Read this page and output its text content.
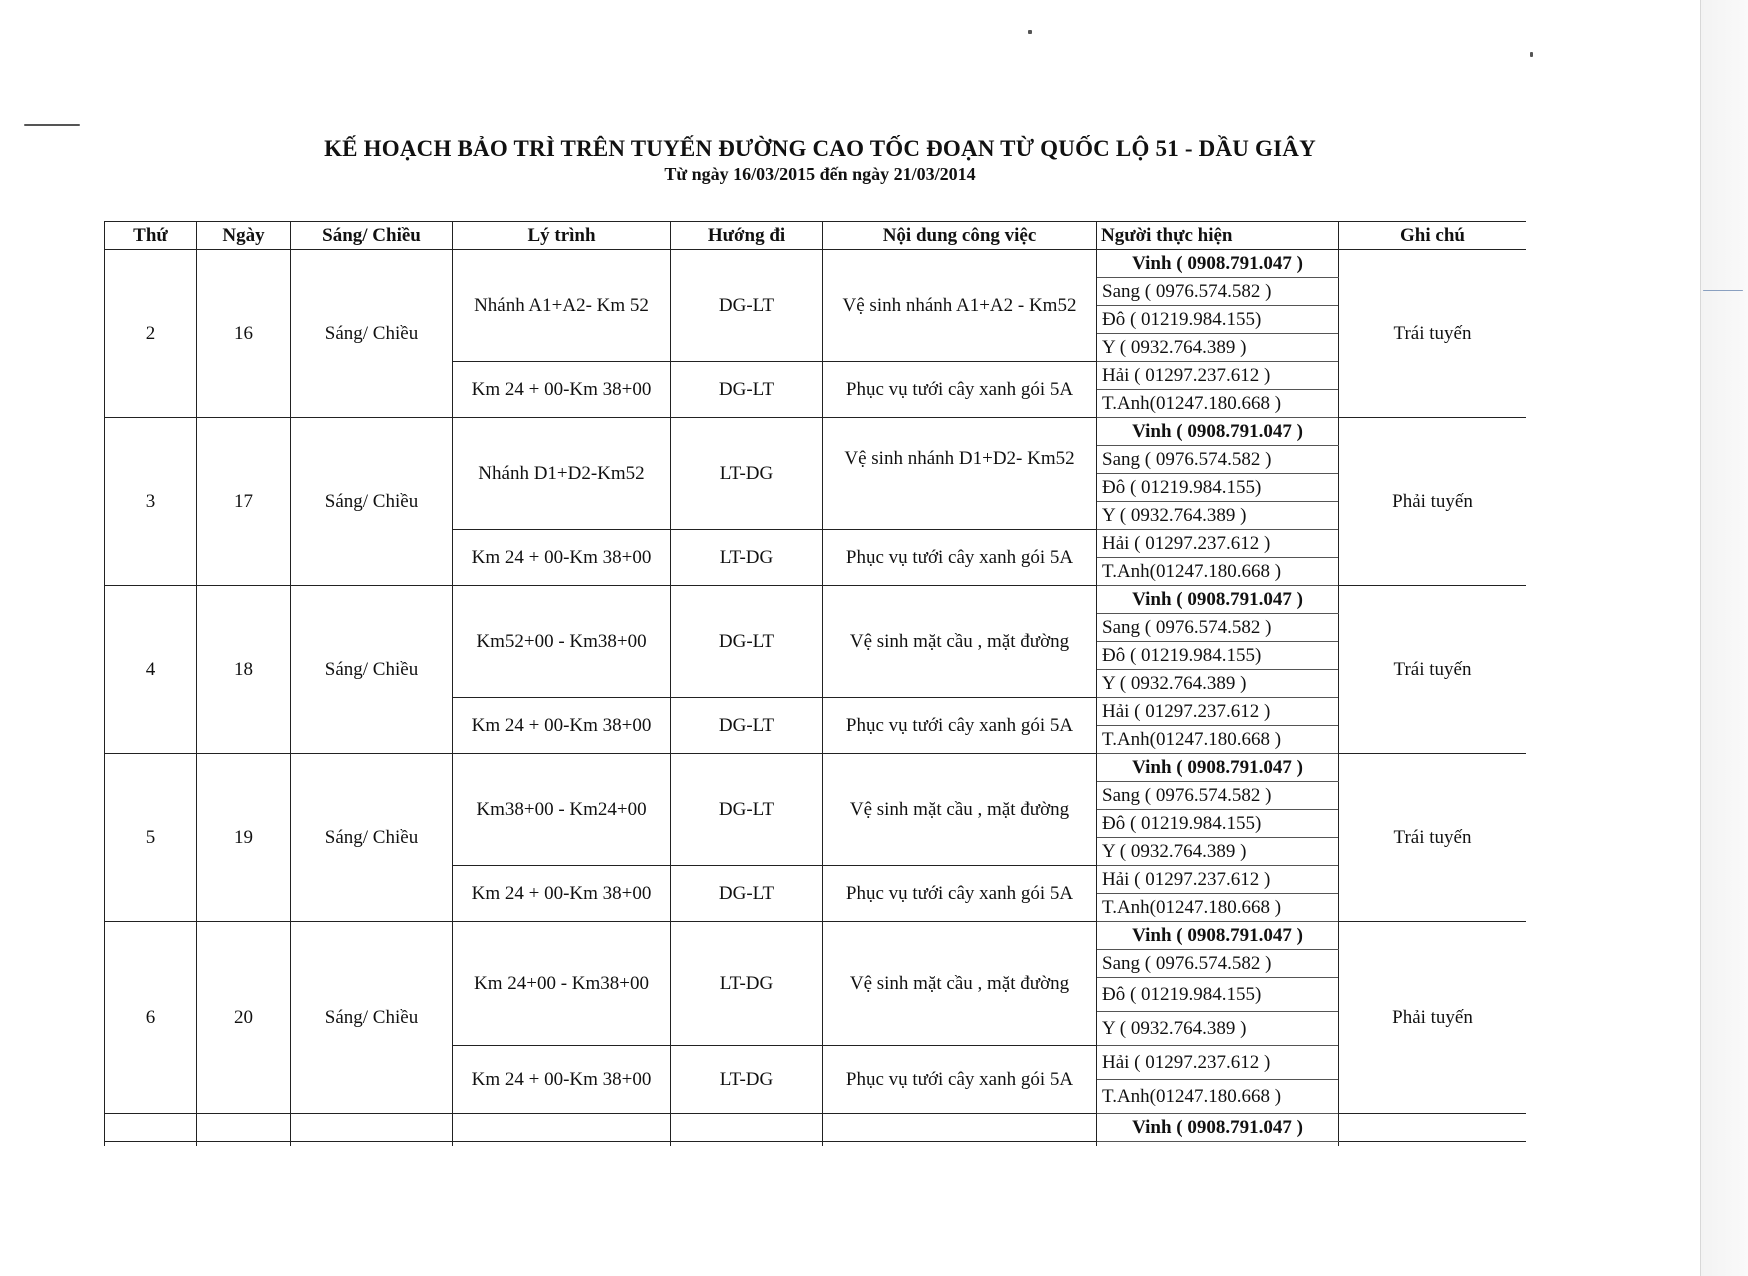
KẾ HOẠCH BẢO TRÌ TRÊN TUYẾN ĐƯỜNG CAO TỐC ĐOẠN TỪ QUỐC LỘ 51 - DẦU GIÂY
Từ ngày 16/03/2015 đến ngày 21/03/2014
Thứ	Ngày	Sáng/ Chiều	Lý trình	Hướng đi	Nội dung công việc	Người thực hiện	Ghi chú
2	16	Sáng/ Chiều	Nhánh A1+A2- Km 52	DG-LT	Vệ sinh nhánh A1+A2 - Km52	Vinh ( 0908.791.047 )	Trái tuyến
						Sang ( 0976.574.582 )	
						Đô ( 01219.984.155)	
						Y ( 0932.764.389 )	
			Km 24 + 00-Km 38+00	DG-LT	Phục vụ tưới cây xanh gói 5A	Hải ( 01297.237.612 )	
						T.Anh(01247.180.668 )	
3	17	Sáng/ Chiều	Nhánh D1+D2-Km52	LT-DG	Vệ sinh nhánh D1+D2- Km52	Vinh ( 0908.791.047 )	Phải tuyến
						Sang ( 0976.574.582 )	
						Đô ( 01219.984.155)	
						Y ( 0932.764.389 )	
			Km 24 + 00-Km 38+00	LT-DG	Phục vụ tưới cây xanh gói 5A	Hải ( 01297.237.612 )	
						T.Anh(01247.180.668 )	
4	18	Sáng/ Chiều	Km52+00 - Km38+00	DG-LT	Vệ sinh mặt cầu , mặt đường	Vinh ( 0908.791.047 )	Trái tuyến
						Sang ( 0976.574.582 )	
						Đô ( 01219.984.155)	
						Y ( 0932.764.389 )	
			Km 24 + 00-Km 38+00	DG-LT	Phục vụ tưới cây xanh gói 5A	Hải ( 01297.237.612 )	
						T.Anh(01247.180.668 )	
5	19	Sáng/ Chiều	Km38+00 - Km24+00	DG-LT	Vệ sinh mặt cầu , mặt đường	Vinh ( 0908.791.047 )	Trái tuyến
						Sang ( 0976.574.582 )	
						Đô ( 01219.984.155)	
						Y ( 0932.764.389 )	
			Km 24 + 00-Km 38+00	DG-LT	Phục vụ tưới cây xanh gói 5A	Hải ( 01297.237.612 )	
						T.Anh(01247.180.668 )	
6	20	Sáng/ Chiều	Km 24+00 - Km38+00	LT-DG	Vệ sinh mặt cầu , mặt đường	Vinh ( 0908.791.047 )	Phải tuyến
						Sang ( 0976.574.582 )	
						Đô ( 01219.984.155)	
						Y ( 0932.764.389 )	
			Km 24 + 00-Km 38+00	LT-DG	Phục vụ tưới cây xanh gói 5A	Hải ( 01297.237.612 )	
						T.Anh(01247.180.668 )	
						Vinh ( 0908.791.047 )	
